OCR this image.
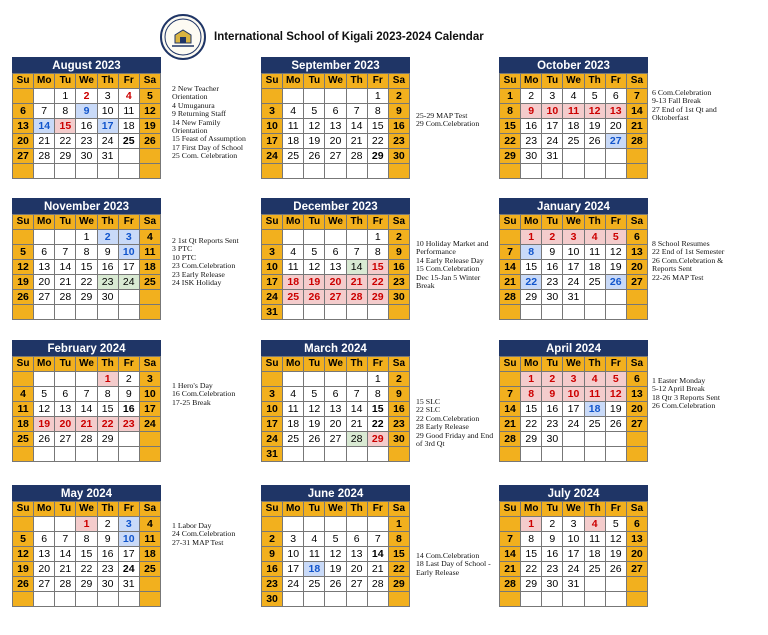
International School of Kigali 2023-2024 Calendar
August 2023
Su	Mo	Tu	We	Th	Fr	Sa
		1	2	3	4	5
6	7	8	9	10	11	12
13	14	15	16	17	18	19
20	21	22	23	24	25	26
27	28	29	30	31		

2 New Teacher
Orientation
4 Umuganura
9 Returning Staff
14 New Family
Orientation
15 Feast of Assumption
17 First Day of School
25 Com. Celebration
September 2023
Su	Mo	Tu	We	Th	Fr	Sa
					1	2
3	4	5	6	7	8	9
10	11	12	13	14	15	16
17	18	19	20	21	22	23
24	25	26	27	28	29	30

25-29 MAP Test
29 Com.Celebration
October 2023
Su	Mo	Tu	We	Th	Fr	Sa
1	2	3	4	5	6	7
8	9	10	11	12	13	14
15	16	17	18	19	20	21
22	23	24	25	26	27	28
29	30	31				

6 Com.Celebration
9-13 Fall Break
27 End of 1st Qt and
Oktoberfast
November 2023
Su	Mo	Tu	We	Th	Fr	Sa
			1	2	3	4
5	6	7	8	9	10	11
12	13	14	15	16	17	18
19	20	21	22	23	24	25
26	27	28	29	30		

2 1st Qt Reports Sent
3 PTC
10 PTC
23 Com.Celebration
23 Early Release
24 ISK Holiday
December 2023
Su	Mo	Tu	We	Th	Fr	Sa
					1	2
3	4	5	6	7	8	9
10	11	12	13	14	15	16
17	18	19	20	21	22	23
24	25	26	27	28	29	30
31						
10 Holiday Market and
Performance
14 Early Release Day
15 Com.Celebration
Dec 15-Jan 5 Winter
Break
January 2024
Su	Mo	Tu	We	Th	Fr	Sa
	1	2	3	4	5	6
7	8	9	10	11	12	13
14	15	16	17	18	19	20
21	22	23	24	25	26	27
28	29	30	31			

8 School Resumes
22 End of 1st Semester
26 Com.Celebration &
Reports Sent
22-26 MAP Test
February 2024
Su	Mo	Tu	We	Th	Fr	Sa
				1	2	3
4	5	6	7	8	9	10
11	12	13	14	15	16	17
18	19	20	21	22	23	24
25	26	27	28	29		

1 Hero's Day
16 Com.Celebration
17-25 Break
March 2024
Su	Mo	Tu	We	Th	Fr	Sa
					1	2
3	4	5	6	7	8	9
10	11	12	13	14	15	16
17	18	19	20	21	22	23
24	25	26	27	28	29	30
31						
15 SLC
22 SLC
22 Com.Celebration
28 Early Release
29 Good Friday and End
of 3rd Qt
April 2024
Su	Mo	Tu	We	Th	Fr	Sa
	1	2	3	4	5	6
7	8	9	10	11	12	13
14	15	16	17	18	19	20
21	22	23	24	25	26	27
28	29	30				

1 Easter Monday
5-12 April Break
18 Qtr 3 Reports Sent
26 Com.Celebration
May 2024
Su	Mo	Tu	We	Th	Fr	Sa
			1	2	3	4
5	6	7	8	9	10	11
12	13	14	15	16	17	18
19	20	21	22	23	24	25
26	27	28	29	30	31	

1 Labor Day
24 Com.Celebration
27-31 MAP Test
June 2024
Su	Mo	Tu	We	Th	Fr	Sa
						1
2	3	4	5	6	7	8
9	10	11	12	13	14	15
16	17	18	19	20	21	22
23	24	25	26	27	28	29
30						
14 Com.Celebration
18 Last Day of School -
Early Release
July 2024
Su	Mo	Tu	We	Th	Fr	Sa
	1	2	3	4	5	6
7	8	9	10	11	12	13
14	15	16	17	18	19	20
21	22	23	24	25	26	27
28	29	30	31			
